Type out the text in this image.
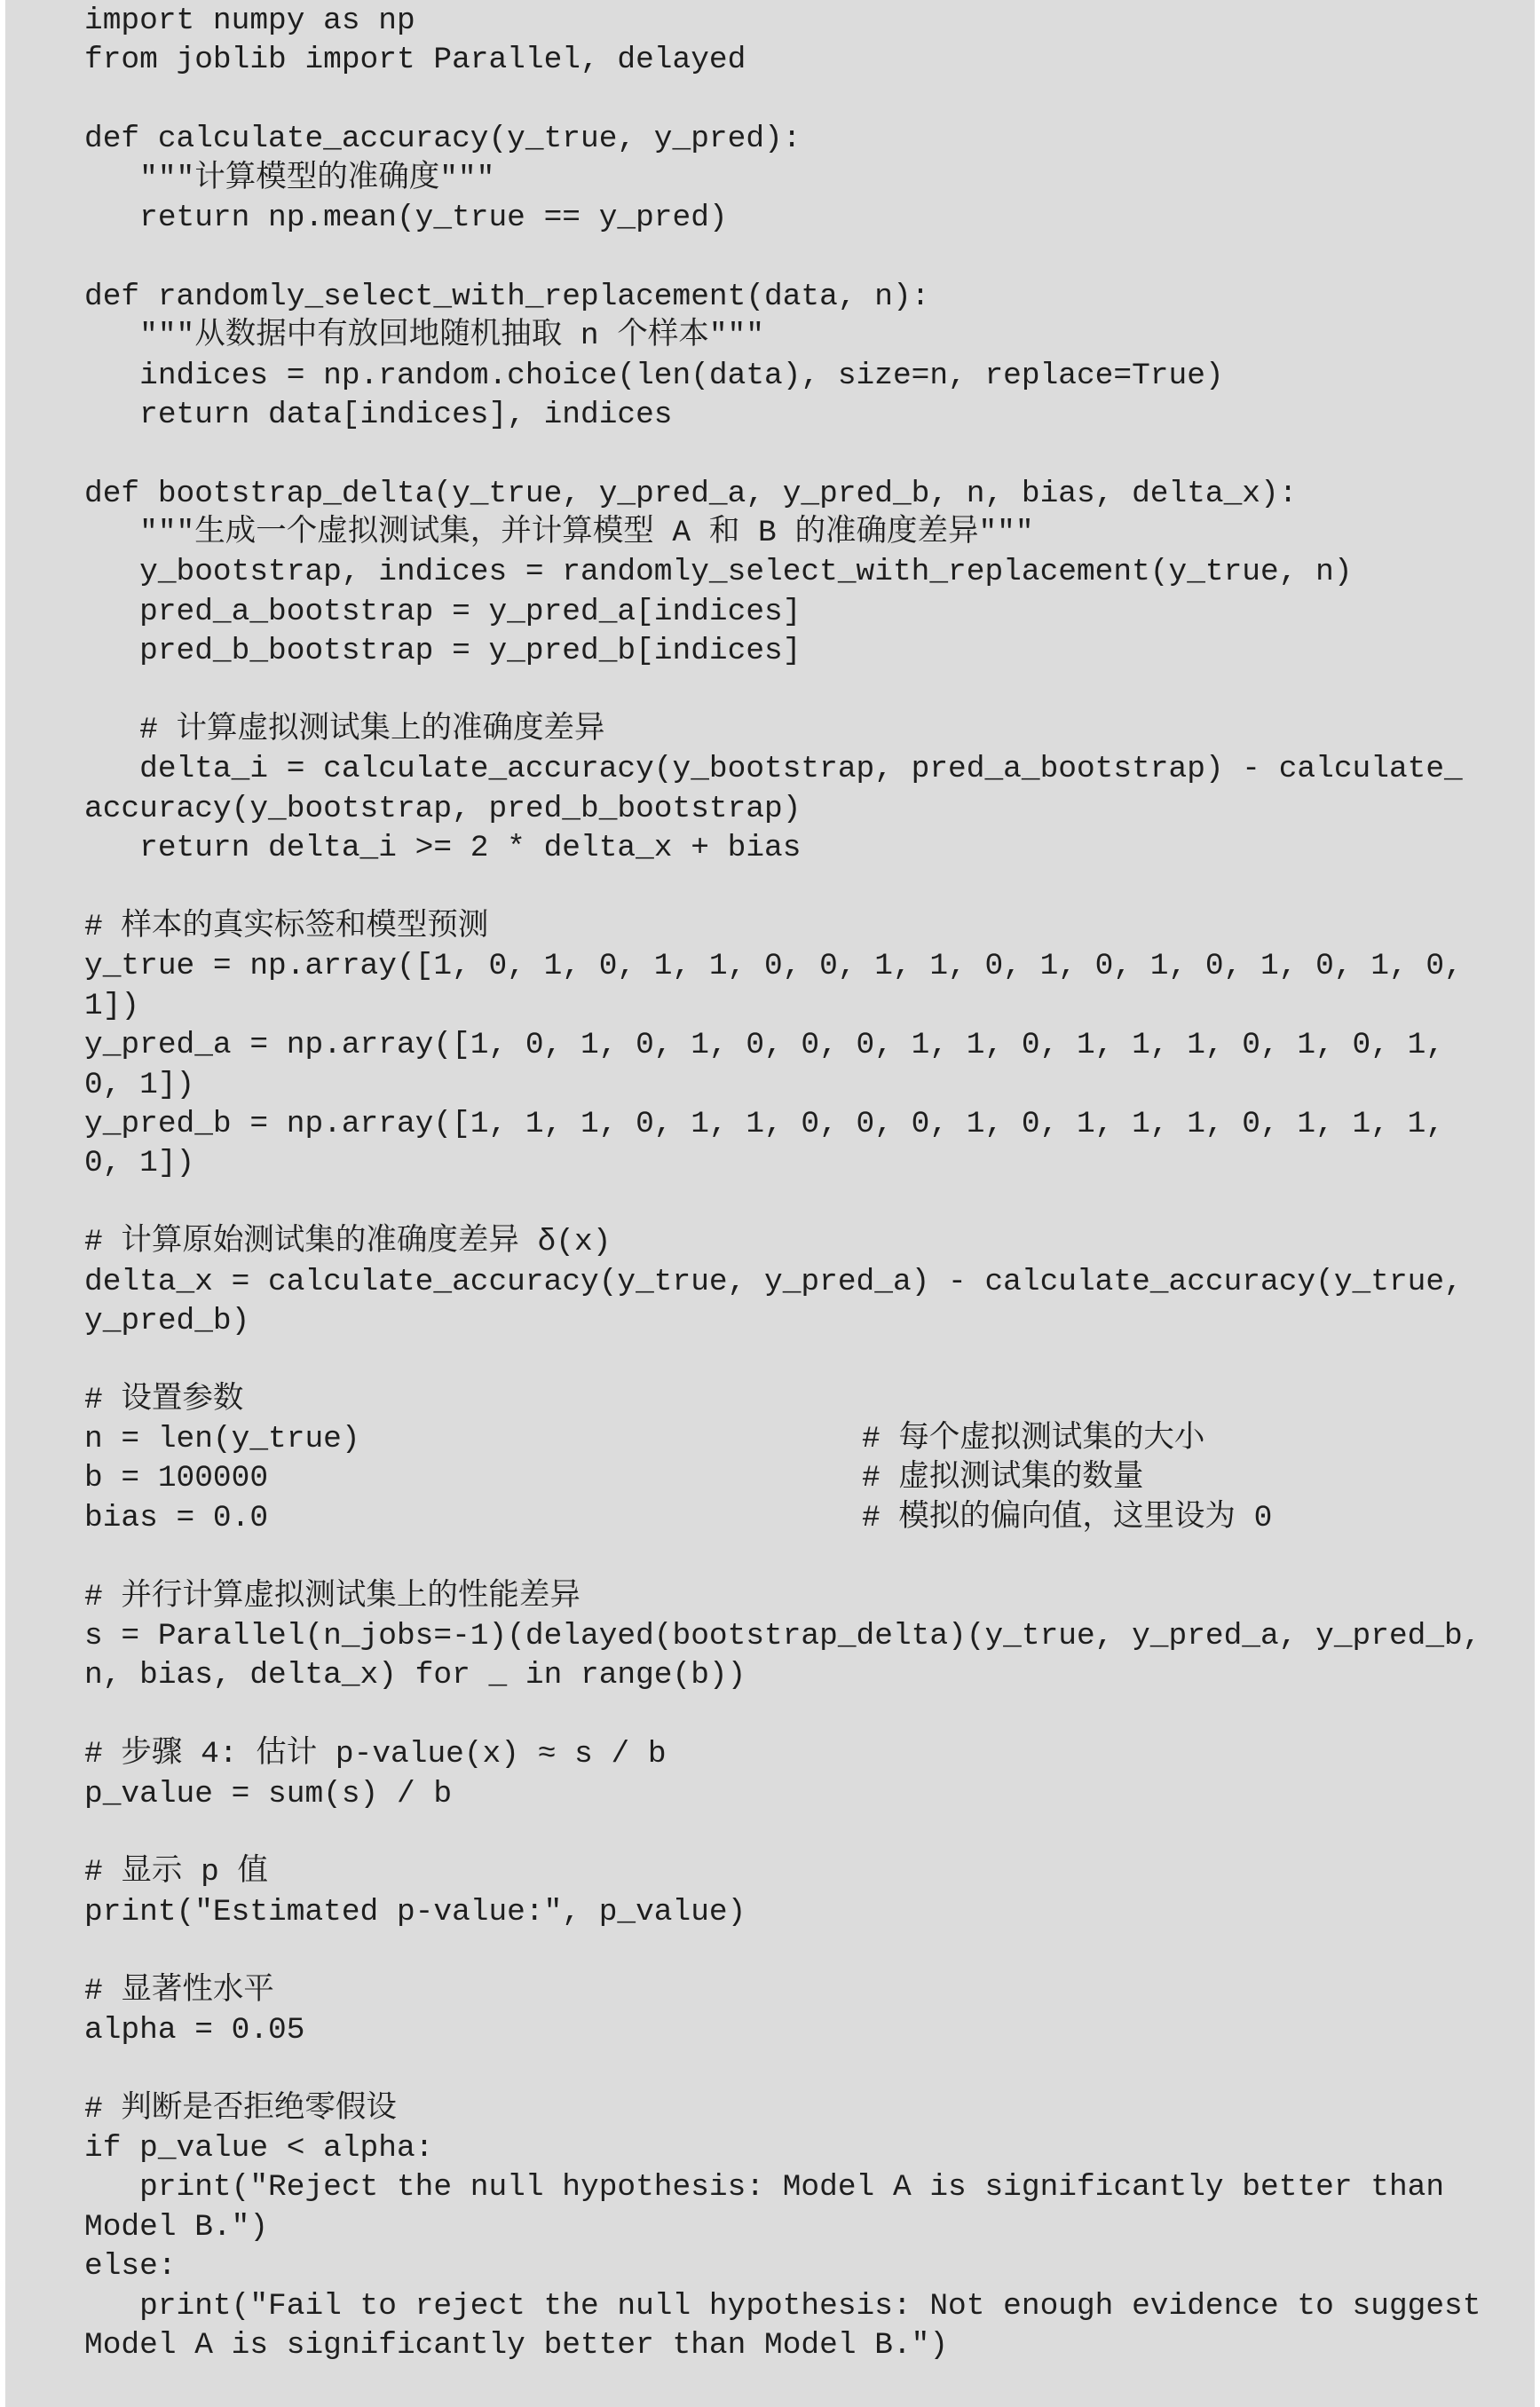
import numpy as np
from joblib import Parallel, delayed
def calculate_accuracy(y_true, y_pred):
"""计算模型的准确度"""
return np.mean(y_true == y_pred)
def randomly_select_with_replacement(data, n):
"""从数据中有放回地随机抽取 n 个样本"""
indices = np.random.choice(len(data), size=n, replace=True)
return data[indices], indices
def bootstrap_delta(y_true, y_pred_a, y_pred_b, n, bias, delta_x):
"""生成一个虚拟测试集，并计算模型 A 和 B 的准确度差异"""
y_bootstrap, indices = randomly_select_with_replacement(y_true, n)
pred_a_bootstrap = y_pred_a[indices]
pred_b_bootstrap = y_pred_b[indices]
# 计算虚拟测试集上的准确度差异
delta_i = calculate_accuracy(y_bootstrap, pred_a_bootstrap) - calculate_
accuracy(y_bootstrap, pred_b_bootstrap)
return delta_i >= 2 * delta_x + bias
# 样本的真实标签和模型预测
y_true = np.array([1, 0, 1, 0, 1, 1, 0, 0, 1, 1, 0, 1, 0, 1, 0, 1, 0, 1, 0,
1])
y_pred_a = np.array([1, 0, 1, 0, 1, 0, 0, 0, 1, 1, 0, 1, 1, 1, 0, 1, 0, 1,
0, 1])
y_pred_b = np.array([1, 1, 1, 0, 1, 1, 0, 0, 0, 1, 0, 1, 1, 1, 0, 1, 1, 1,
0, 1])
# 计算原始测试集的准确度差异 δ(x)
delta_x = calculate_accuracy(y_true, y_pred_a) - calculate_accuracy(y_true,
y_pred_b)
# 设置参数
n = len(y_true)	# 每个虚拟测试集的大小
b = 100000	# 虚拟测试集的数量
bias = 0.0	# 模拟的偏向值，这里设为 0
# 并行计算虚拟测试集上的性能差异
s = Parallel(n_jobs=-1)(delayed(bootstrap_delta)(y_true, y_pred_a, y_pred_b,
n, bias, delta_x) for _ in range(b))
# 步骤 4: 估计 p-value(x) ≈ s / b
p_value = sum(s) / b
# 显示 p 值
print("Estimated p-value:", p_value)
# 显著性水平
alpha = 0.05
# 判断是否拒绝零假设
if p_value < alpha:
print("Reject the null hypothesis: Model A is significantly better than
Model B.")
else:
print("Fail to reject the null hypothesis: Not enough evidence to suggest
Model A is significantly better than Model B.")
